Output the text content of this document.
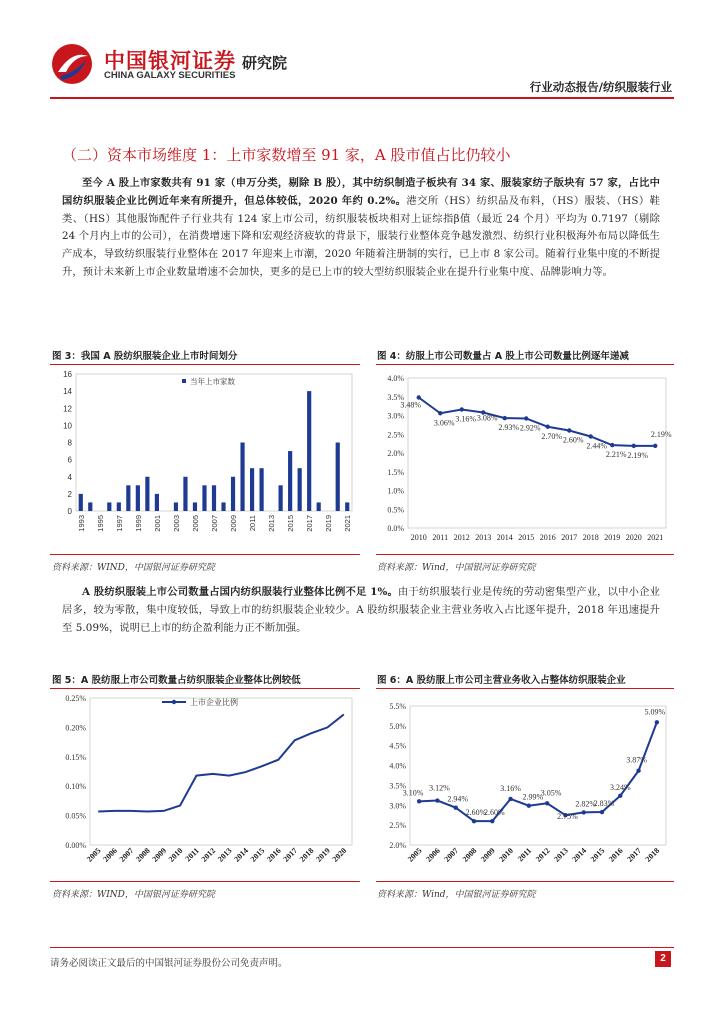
中国银河证券
CHINA GALAXY SECURITIES
研究院
行业动态报告/纺织服装行业
（二）资本市场维度 1：上市家数增至 91 家，A 股市值占比仍较小
至今 A 股上市家数共有 91 家（申万分类，剔除 B 股），其中纺织制造子板块有 34 家、服装家纺子版块有 57 家，占比中国纺织服装企业比例近年来有所提升，但总体较低，2020 年约 0.2%。港交所（HS）纺织品及布料，（HS）服装、（HS）鞋类、（HS）其他服饰配件子行业共有 124 家上市公司，纺织服装板块相对上证综指β值（最近 24 个月）平均为 0.7197（剔除 24 个月内上市的公司），在消费增速下降和宏观经济疲软的背景下，服装行业整体竞争越发激烈、纺织行业积极海外布局以降低生产成本，导致纺织服装行业整体在 2017 年迎来上市潮，2020 年随着注册制的实行，已上市 8 家公司。随着行业集中度的不断提升，预计未来新上市企业数量增速不会加快，更多的是已上市的较大型纺织服装企业在提升行业集中度、品牌影响力等。
图 3：我国 A 股纺织服装企业上市时间划分	图 4：纺服上市公司数量占 A 股上市公司数量比例逐年递减
0
2
4
6
8
10
12
14
16
1993 1995 1997 1999 2001 2003 2005 2007 2009 2011 2013 2015 2017 2019 2021
当年上市家数
0.0%
0.5%
1.0%
1.5%
2.0%
2.5%
3.0%
3.5%
4.0%
2010 2011 2012 2013 2014 2015 2016 2017 2018 2019 2020 2021
3.48%
3.06% 3.16% 3.08%
2.93% 2.92%
2.70% 2.60%
2.44%
2.21% 2.19%
2.19%
资料来源：WIND，中国银河证券研究院	资料来源：Wind，中国银河证券研究院
A 股纺织服装上市公司数量占国内纺织服装行业整体比例不足 1%。由于纺织服装行业是传统的劳动密集型产业，以中小企业居多，较为零散，集中度较低，导致上市的纺织服装企业较少。A 股纺织服装企业主营业务收入占比逐年提升，2018 年迅速提升至 5.09%，说明已上市的纺企盈利能力正不断加强。
图 5：A 股纺服上市公司数量占纺织服装企业整体比例较低	图 6：A 股纺服上市公司主营业务收入占整体纺织服装企业
0.00%
0.05%
0.10%
0.15%
0.20%
0.25%
2005
2006
2007
2008
2009
2010 2011
2012
2013
2014
2015
2016
2017
2018
2019
2020
上市企业比例
2.0%
2.5%
3.0%
3.5%
4.0%
4.5%
5.0%
5.5%
2005 2006 2007 2008 2009 2010 2011 2012 2013 2014 2015 2016 2017 2018
3.10%
3.12%
2.94%
2.60%
2.60%
3.16%
2.99%
3.05%
2.75%
2.82%
2.83%
3.24%
3.87%
5.09%
资料来源：WIND，中国银河证券研究院	资料来源：Wind，中国银河证券研究院
请务必阅读正文最后的中国银河证券股份公司免责声明。	2
